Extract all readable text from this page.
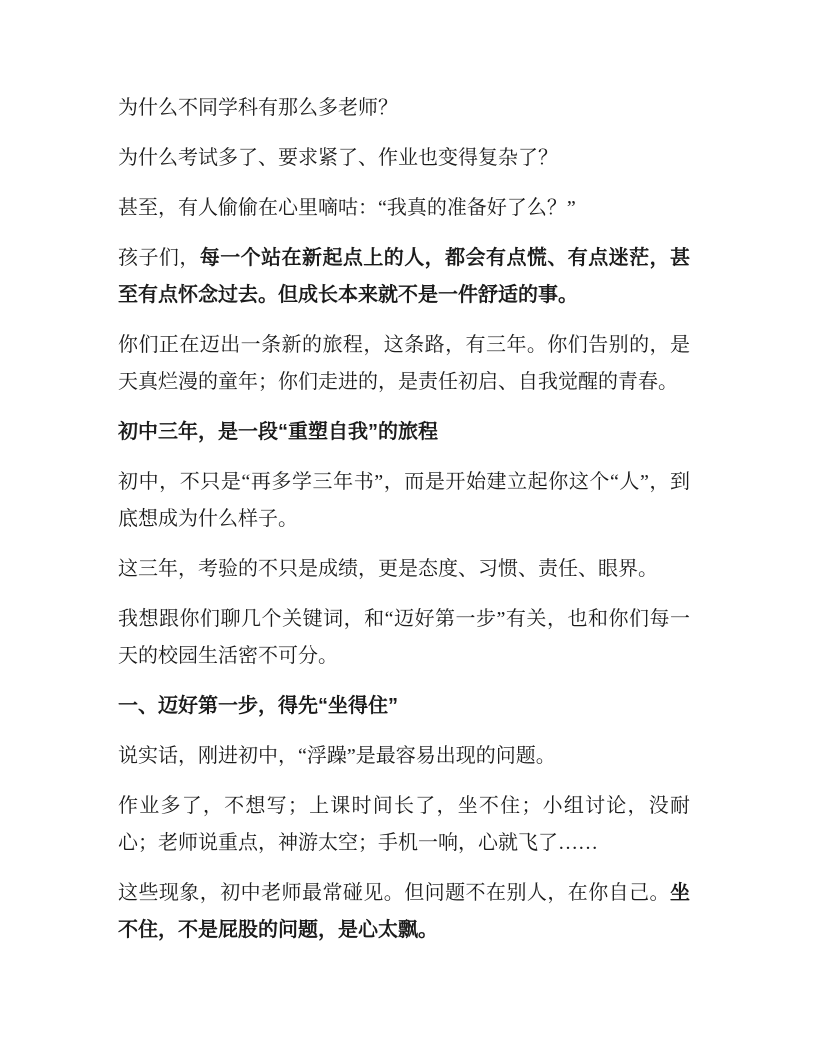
为什么不同学科有那么多老师？

为什么考试多了、要求紧了、作业也变得复杂了？

甚至，有人偷偷在心里嘀咕：“我真的准备好了么？”

孩子们，每一个站在新起点上的人，都会有点慌、有点迷茫，甚至有点怀念过去。但成长本来就不是一件舒适的事。

你们正在迈出一条新的旅程，这条路，有三年。你们告别的，是天真烂漫的童年；你们走进的，是责任初启、自我觉醒的青春。

初中三年，是一段“重塑自我”的旅程

初中，不只是“再多学三年书”，而是开始建立起你这个“人”，到底想成为什么样子。

这三年，考验的不只是成绩，更是态度、习惯、责任、眼界。

我想跟你们聊几个关键词，和“迈好第一步”有关，也和你们每一天的校园生活密不可分。

一、迈好第一步，得先“坐得住”

说实话，刚进初中，“浮躁”是最容易出现的问题。

作业多了，不想写；上课时间长了，坐不住；小组讨论，没耐心；老师说重点，神游太空；手机一响，心就飞了……

这些现象，初中老师最常碰见。但问题不在别人，在你自己。坐不住，不是屁股的问题，是心太飘。
